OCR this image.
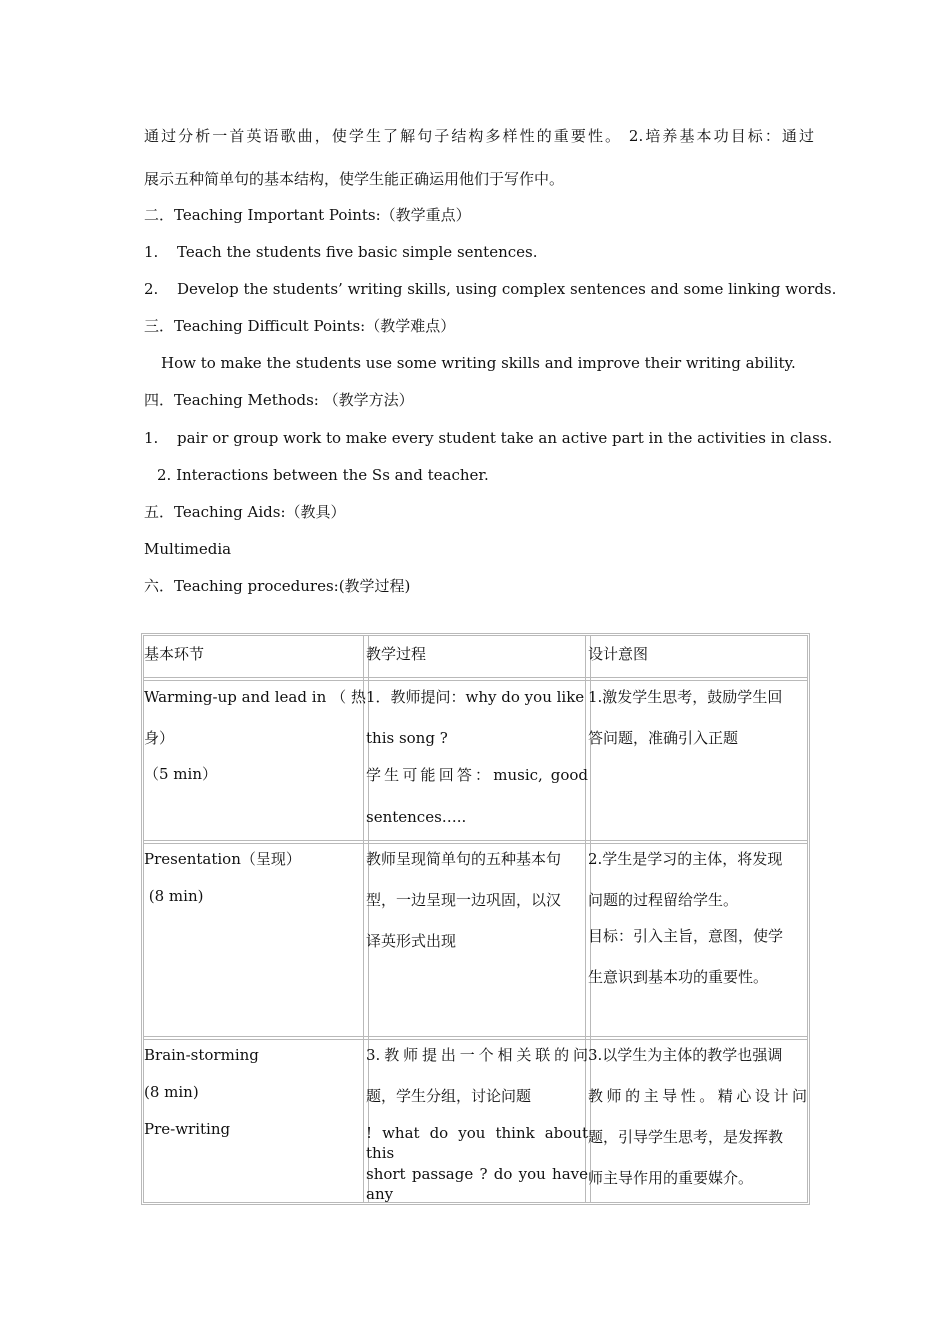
通过分析一首英语歌曲，使学生了解句子结构多样性的重要性。 2.培养基本功目标：通过
展示五种简单句的基本结构，使学生能正确运用他们于写作中。
二．Teaching Important Points:（教学重点）
1. Teach the students five basic simple sentences.
2. Develop the students’ writing skills, using complex sentences and some linking words.
三．Teaching Difficult Points:（教学难点）
How to make the students use some writing skills and improve their writing ability.
四．Teaching Methods: （教学方法）
1. pair or group work to make every student take an active part in the activities in class.
2. Interactions between the Ss and teacher.
五．Teaching Aids:（教具）
Multimedia
六．Teaching procedures:(教学过程)
基本环节	教学过程	设计意图
Warming-up and lead in （ 热
身）
（5 min）
1．教师提问：why do you like
this song ?
学生可能回答：music, good
sentences…..
1.激发学生思考，鼓励学生回
答问题，准确引入正题
Presentation（呈现）
(8 min)
教师呈现简单句的五种基本句
型，一边呈现一边巩固，以汉
译英形式出现
2.学生是学习的主体，将发现
问题的过程留给学生。
目标：引入主旨，意图，使学
生意识到基本功的重要性。
Brain-storming
(8 min)
Pre-writing
3.教师提出一个相关联的问
题，学生分组，讨论问题
! what do you think about this
short passage ? do you have any
3.以学生为主体的教学也强调
教师的主导性。精心设计问
题，引导学生思考，是发挥教
师主导作用的重要媒介。
